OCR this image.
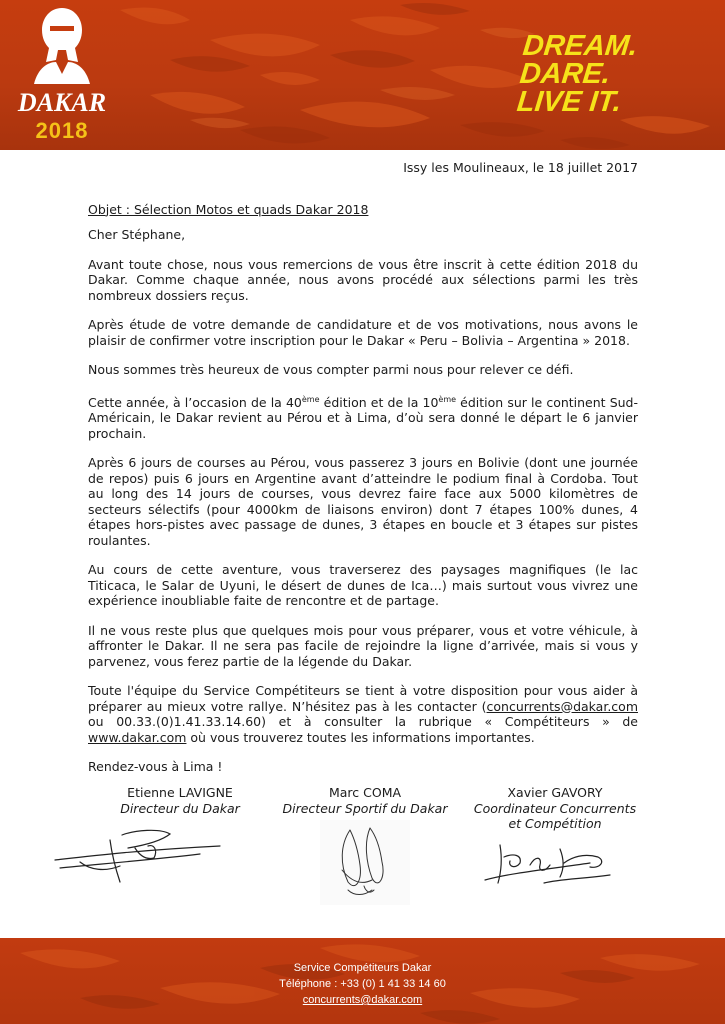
DAKAR
2018
DREAM.
DARE.
LIVE IT.
Issy les Moulineaux, le 18 juillet 2017
Objet : Sélection Motos et quads Dakar 2018
Cher Stéphane,
Avant toute chose, nous vous remercions de vous être inscrit à cette édition 2018 du Dakar. Comme chaque année, nous avons procédé aux sélections parmi les très nombreux dossiers reçus.
Après étude de votre demande de candidature et de vos motivations, nous avons le plaisir de confirmer votre inscription pour le Dakar « Peru – Bolivia – Argentina » 2018.
Nous sommes très heureux de vous compter parmi nous pour relever ce défi.
Cette année, à l’occasion de la 40ème édition et de la 10ème édition sur le continent Sud-Américain, le Dakar revient au Pérou et à Lima, d’où sera donné le départ le 6 janvier prochain.
Après 6 jours de courses au Pérou, vous passerez 3 jours en Bolivie (dont une journée de repos) puis 6 jours en Argentine avant d’atteindre le podium final à Cordoba. Tout au long des 14 jours de courses, vous devrez faire face aux 5000 kilomètres de secteurs sélectifs (pour 4000km de liaisons environ) dont 7 étapes 100% dunes, 4 étapes hors-pistes avec passage de dunes, 3 étapes en boucle et 3 étapes sur pistes roulantes.
Au cours de cette aventure, vous traverserez des paysages magnifiques (le lac Titicaca, le Salar de Uyuni, le désert de dunes de Ica…) mais surtout vous vivrez une expérience inoubliable faite de rencontre et de partage.
Il ne vous reste plus que quelques mois pour vous préparer, vous et votre véhicule, à affronter le Dakar. Il ne sera pas facile de rejoindre la ligne d’arrivée, mais si vous y parvenez, vous ferez partie de la légende du Dakar.
Toute l'équipe du Service Compétiteurs se tient à votre disposition pour vous aider à préparer au mieux votre rallye. N’hésitez pas à les contacter (concurrents@dakar.com ou 00.33.(0)1.41.33.14.60) et à consulter la rubrique « Compétiteurs » de www.dakar.com où vous trouverez toutes les informations importantes.
Rendez-vous à Lima !
Etienne LAVIGNE
Directeur du Dakar
Marc COMA
Directeur Sportif du Dakar
Xavier GAVORY
Coordinateur Concurrents
et Compétition
Service Compétiteurs Dakar
Téléphone : +33 (0) 1 41 33 14 60
concurrents@dakar.com
